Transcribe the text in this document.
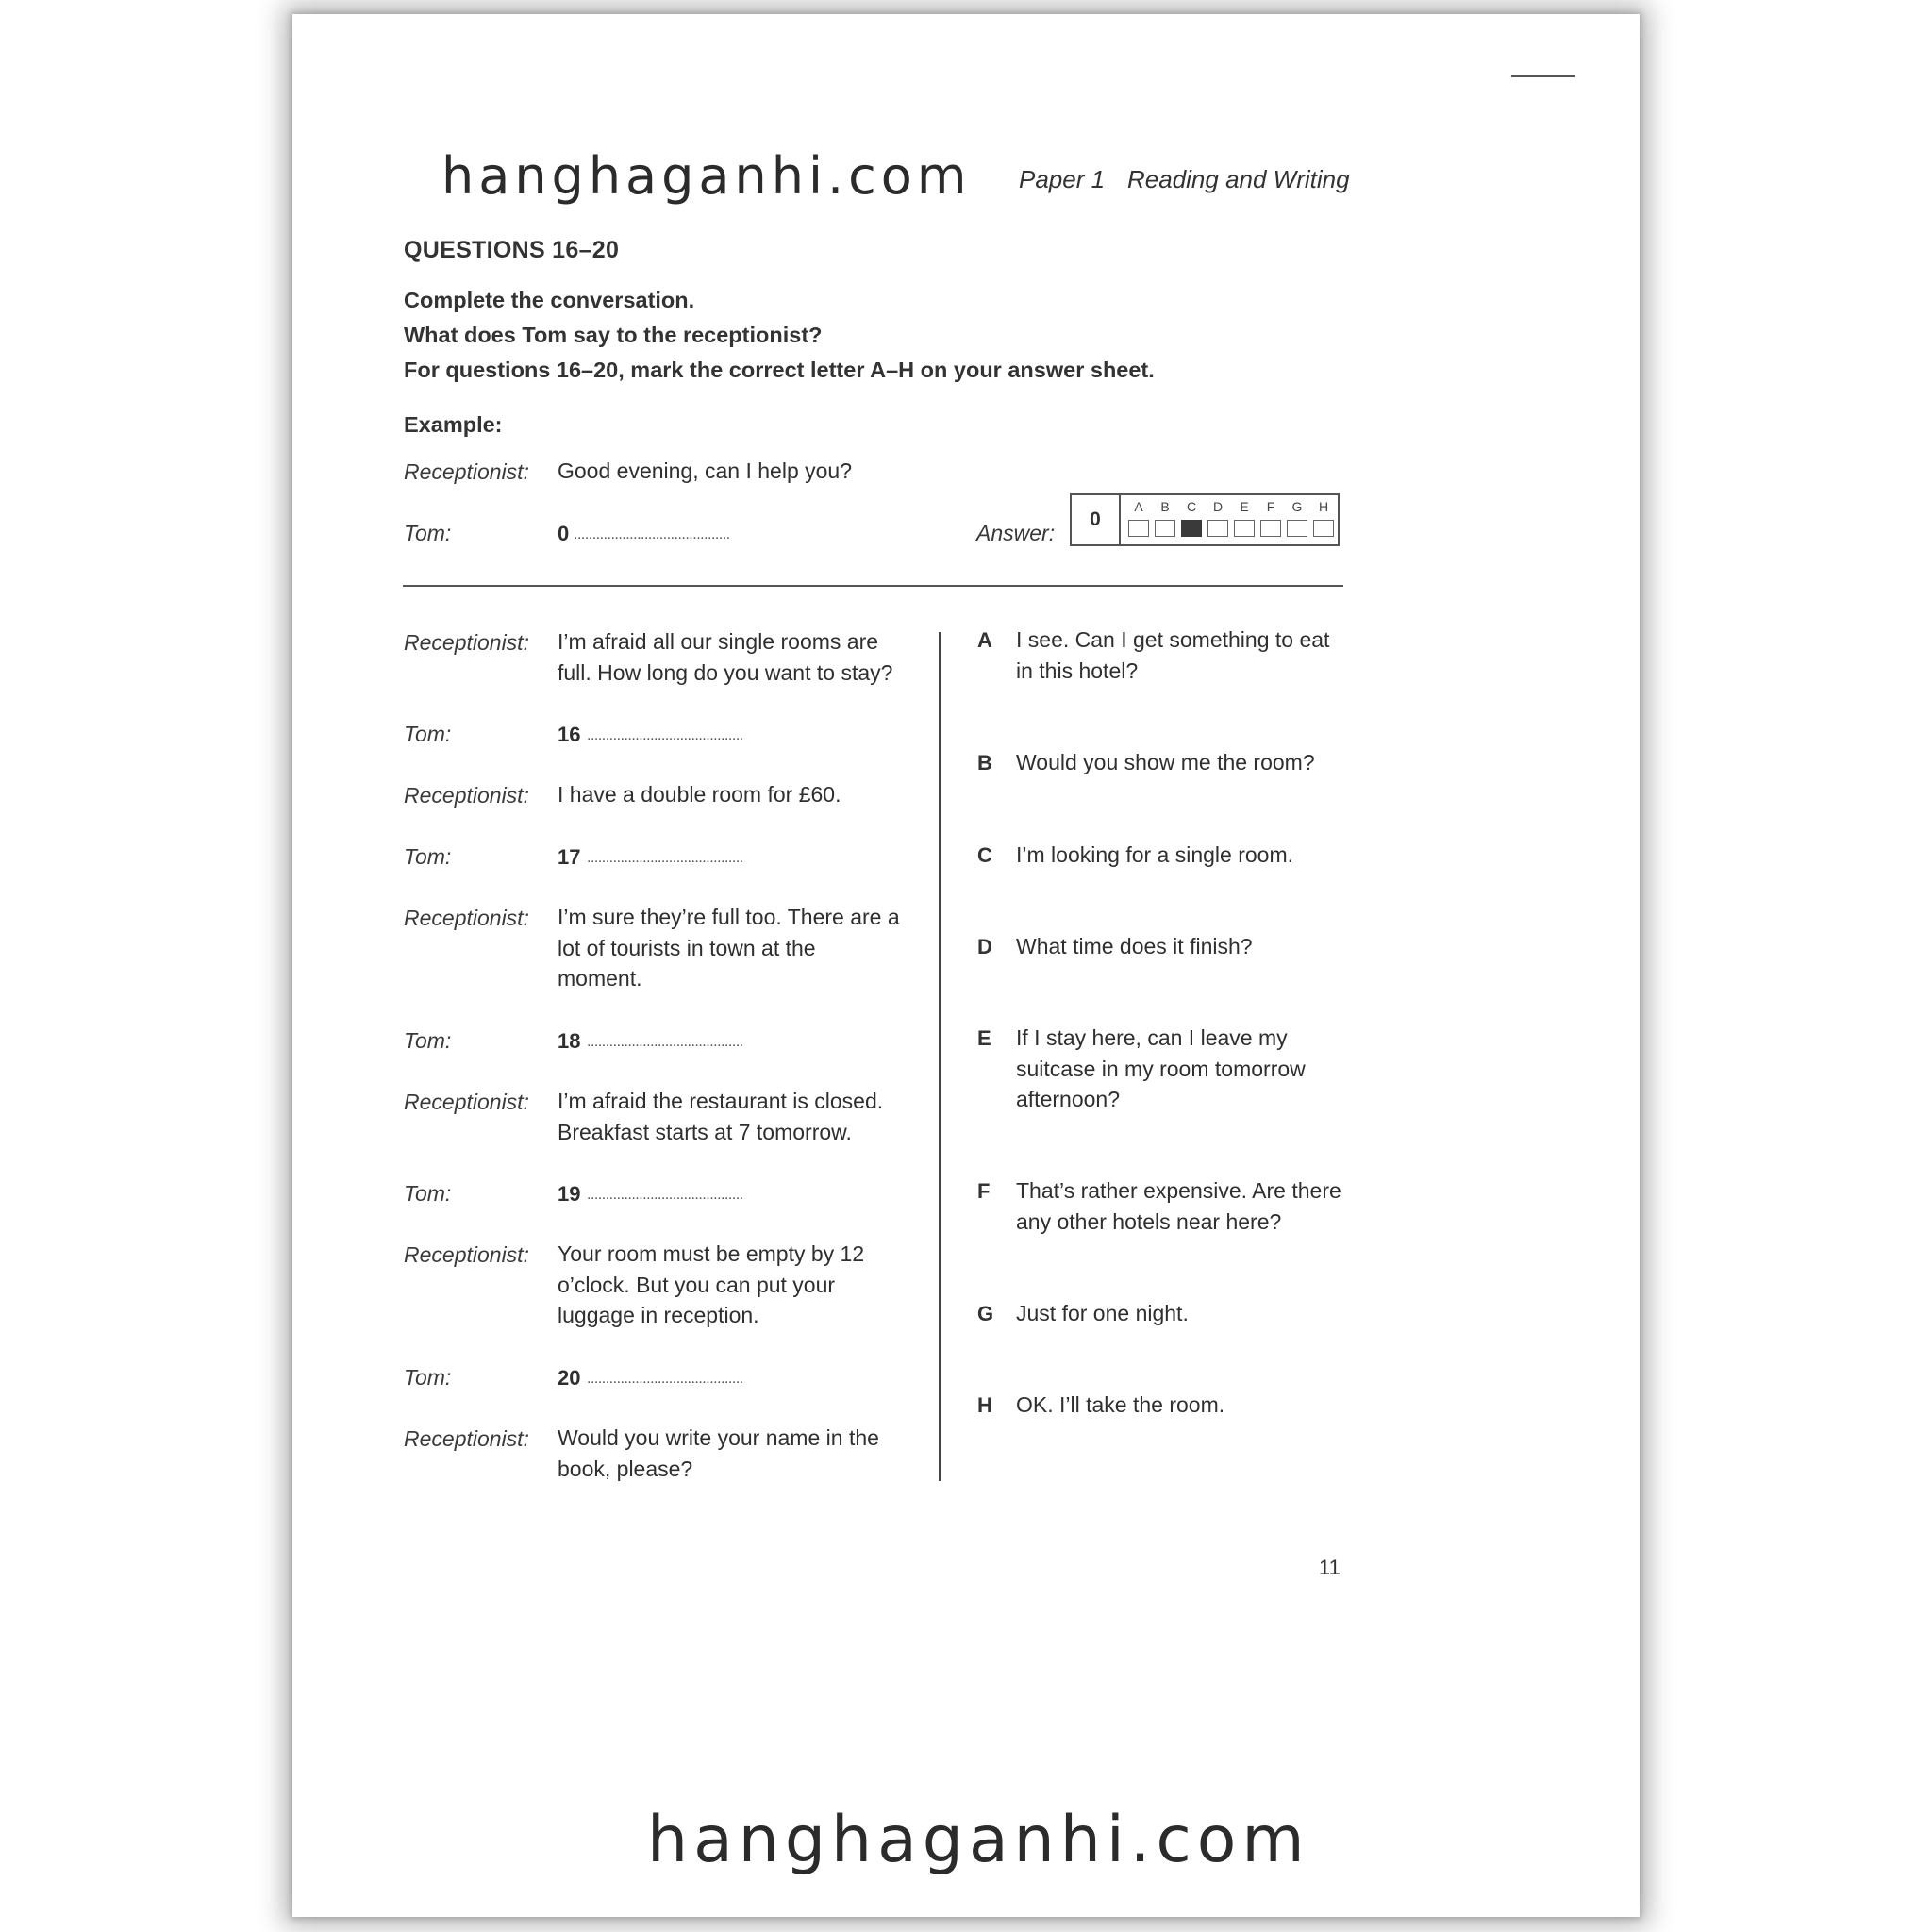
hanghaganhi.com Paper 1 Reading and Writing
QUESTIONS 16–20
Complete the conversation.
What does Tom say to the receptionist?
For questions 16–20, mark the correct letter A–H on your answer sheet.
Example:
Receptionist: Good evening, can I help you?
Tom:	0 ..........................................	Answer:
0
A	B	C	D	E	F	G	H
Receptionist: I’m afraid all our single rooms are
full. How long do you want to stay?
Tom:	16 ..........................................
Receptionist: I have a double room for £60.
Tom:	17 ..........................................
Receptionist: I’m sure they’re full too. There are a
lot of tourists in town at the
moment.
Tom:	18 ..........................................
Receptionist: I’m afraid the restaurant is closed.
Breakfast starts at 7 tomorrow.
Tom:	19 ..........................................
Receptionist: Your room must be empty by 12
o’clock. But you can put your
luggage in reception.
Tom:	20 ..........................................
Receptionist: Would you write your name in the
book, please?
A I see. Can I get something to eat
in this hotel?
B Would you show me the room?
C I’m looking for a single room.
D What time does it finish?
E If I stay here, can I leave my
suitcase in my room tomorrow
afternoon?
F That’s rather expensive. Are there
any other hotels near here?
G Just for one night.
H OK. I’ll take the room.
11
hanghaganhi.com
